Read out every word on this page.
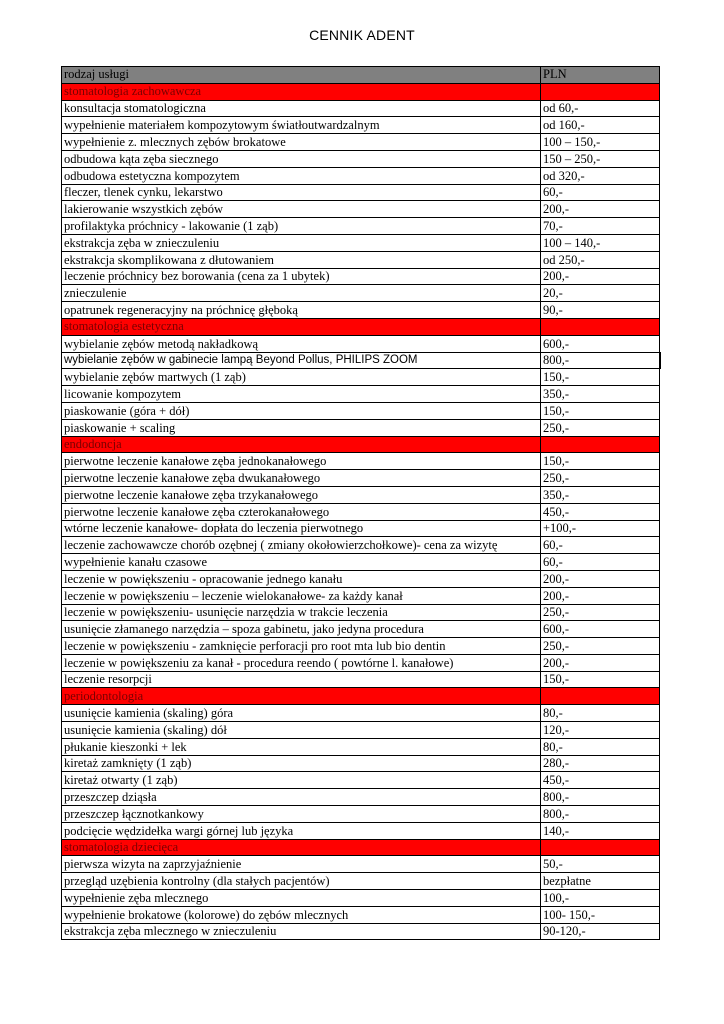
CENNIK ADENT
rodzaj usługi	PLN
stomatologia zachowawcza	
konsultacja stomatologiczna	od 60,-
wypełnienie materiałem kompozytowym światłoutwardzalnym	od 160,-
wypełnienie z. mlecznych zębów brokatowe	100 – 150,-
odbudowa kąta zęba siecznego	150 – 250,-
odbudowa estetyczna kompozytem	od 320,-
fleczer, tlenek cynku, lekarstwo	60,-
lakierowanie wszystkich zębów	200,-
profilaktyka próchnicy - lakowanie (1 ząb)	70,-
ekstrakcja zęba w znieczuleniu	100 – 140,-
ekstrakcja skomplikowana z dłutowaniem	od 250,-
leczenie próchnicy bez borowania (cena za 1 ubytek)	200,-
znieczulenie	20,-
opatrunek regeneracyjny na próchnicę głęboką	90,-
stomatologia estetyczna	
wybielanie zębów metodą nakładkową	600,-
wybielanie zębów w gabinecie lampą Beyond Pollus, PHILIPS ZOOM	800,-
wybielanie zębów martwych (1 ząb)	150,-
licowanie kompozytem	350,-
piaskowanie (góra + dół)	150,-
piaskowanie + scaling	250,-
endodoncja	
pierwotne leczenie kanałowe zęba jednokanałowego	150,-
pierwotne leczenie kanałowe zęba dwukanałowego	250,-
pierwotne leczenie kanałowe zęba trzykanałowego	350,-
pierwotne leczenie kanałowe zęba czterokanałowego	450,-
wtórne leczenie kanałowe- dopłata do leczenia pierwotnego	+100,-
leczenie zachowawcze chorób ozębnej ( zmiany okołowierzchołkowe)- cena za wizytę	60,-
wypełnienie kanału czasowe	60,-
leczenie w powiększeniu - opracowanie jednego kanału	200,-
leczenie w powiększeniu – leczenie wielokanałowe- za każdy kanał	200,-
leczenie w powiększeniu- usunięcie narzędzia w trakcie leczenia	250,-
usunięcie złamanego narzędzia – spoza gabinetu, jako jedyna procedura	600,-
leczenie w powiększeniu - zamknięcie perforacji pro root mta lub bio dentin	250,-
leczenie w powiększeniu za kanał - procedura reendo ( powtórne l. kanałowe)	200,-
leczenie resorpcji	150,-
periodontologia	
usunięcie kamienia (skaling) góra	80,-
usunięcie kamienia (skaling) dół	120,-
płukanie kieszonki + lek	80,-
kiretaż zamknięty (1 ząb)	280,-
kiretaż otwarty (1 ząb)	450,-
przeszczep dziąsła	800,-
przeszczep łącznotkankowy	800,-
podcięcie wędzidełka wargi górnej lub języka	140,-
stomatologia dziecięca	
pierwsza wizyta na zaprzyjaźnienie	50,-
przegląd uzębienia kontrolny (dla stałych pacjentów)	bezpłatne
wypełnienie zęba mlecznego	100,-
wypełnienie brokatowe (kolorowe) do zębów mlecznych	100- 150,-
ekstrakcja zęba mlecznego w znieczuleniu	90-120,-
